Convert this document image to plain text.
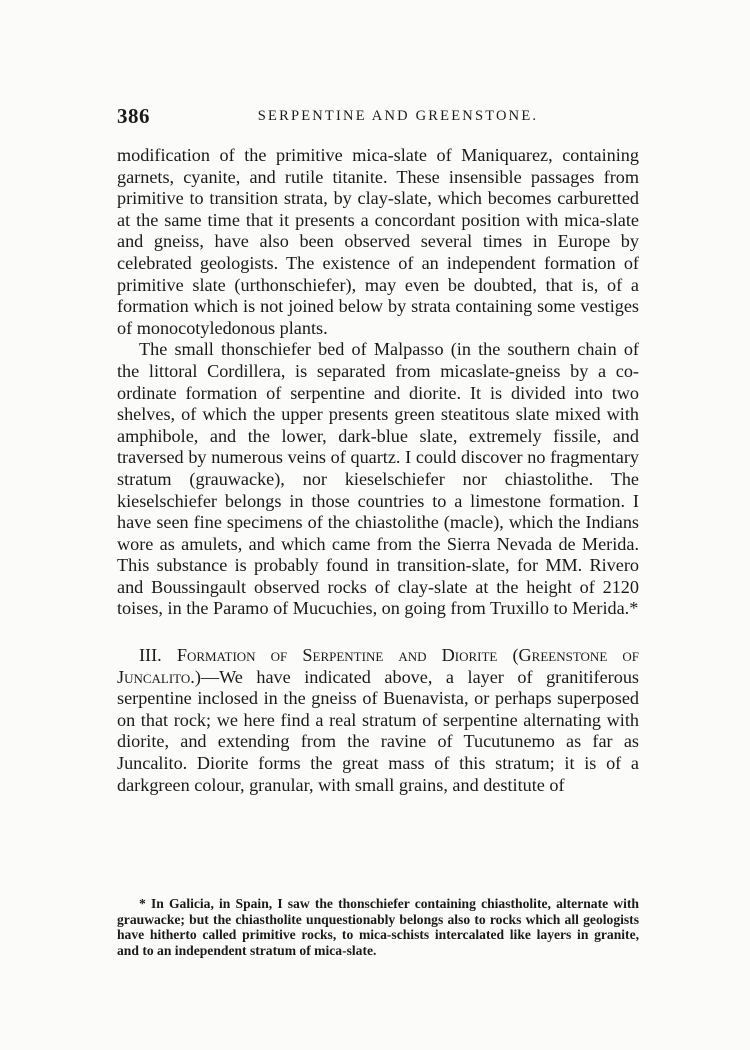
386	SERPENTINE AND GREENSTONE.

modification of the primitive mica-slate of Maniquarez, containing garnets, cyanite, and rutile titanite. These insensible passages from primitive to transition strata, by clay-slate, which becomes carburetted at the same time that it presents a concordant position with mica-slate and gneiss, have also been observed several times in Europe by celebrated geologists. The existence of an independent formation of primitive slate (urthonschiefer), may even be doubted, that is, of a formation which is not joined below by strata containing some vestiges of monocotyledonous plants.

The small thonschiefer bed of Malpasso (in the southern chain of the littoral Cordillera, is separated from micaslate-gneiss by a co-ordinate formation of serpentine and diorite. It is divided into two shelves, of which the upper presents green steatitous slate mixed with amphibole, and the lower, dark-blue slate, extremely fissile, and traversed by numerous veins of quartz. I could discover no fragmentary stratum (grauwacke), nor kieselschiefer nor chiastolithe. The kieselschiefer belongs in those countries to a limestone formation. I have seen fine specimens of the chiastolithe (macle), which the Indians wore as amulets, and which came from the Sierra Nevada de Merida. This substance is probably found in transition-slate, for MM. Rivero and Boussingault observed rocks of clay-slate at the height of 2120 toises, in the Paramo of Mucuchies, on going from Truxillo to Merida.*

III. Formation of Serpentine and Diorite (Greenstone of Juncalito.)—We have indicated above, a layer of granitiferous serpentine inclosed in the gneiss of Buenavista, or perhaps superposed on that rock; we here find a real stratum of serpentine alternating with diorite, and extending from the ravine of Tucutunemo as far as Juncalito. Diorite forms the great mass of this stratum; it is of a darkgreen colour, granular, with small grains, and destitute of

* In Galicia, in Spain, I saw the thonschiefer containing chiastholite, alternate with grauwacke; but the chiastholite unquestionably belongs also to rocks which all geologists have hitherto called primitive rocks, to mica-schists intercalated like layers in granite, and to an independent stratum of mica-slate.
